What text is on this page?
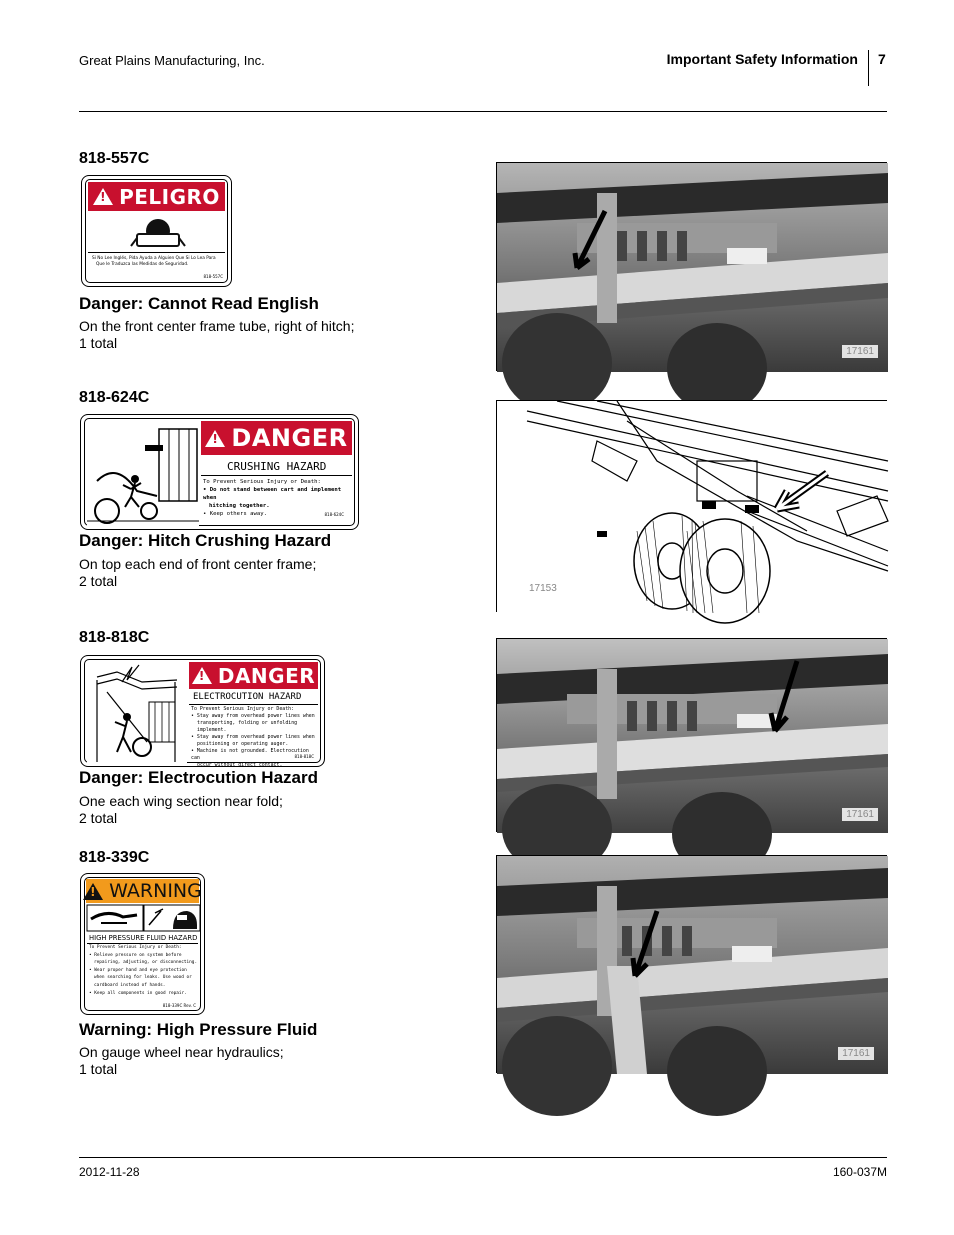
Great Plains Manufacturing, Inc.	Important Safety Information 7
818-557C
!
PELIGRO
Si No Lee Inglés, Pida Ayuda a Alguien Que Si Lo Lea Para
Que le Traduzca las Medidas de Seguridad.
818-557C
Danger: Cannot Read English
On the front center frame tube, right of hitch;
1 total
17161
818-624C
!
DANGER
CRUSHING HAZARD
To Prevent Serious Injury or Death:
• Do not stand between cart and implement when
hitching together.
• Keep others away.	818-624C
Danger: Hitch Crushing Hazard
On top each end of front center frame;
2 total	17153
818-818C
!
DANGER
ELECTROCUTION HAZARD
To Prevent Serious Injury or Death:
• Stay away from overhead power lines when
transporting, folding or unfolding implement.
• Stay away from overhead power lines when
positioning or operating auger.
• Machine is not grounded. Electrocution can
occur without direct contact.
818-818C
Danger: Electrocution Hazard
One each wing section near fold;
2 total	17161
818-339C
!
WARNING
HIGH PRESSURE FLUID HAZARD
To Prevent Serious Injury or Death:
• Relieve pressure on system before
repairing, adjusting, or disconnecting.
• Wear proper hand and eye protection
when searching for leaks. Use wood or
cardboard instead of hands.
• Keep all components in good repair.
818-339C Rev. C
Warning: High Pressure Fluid
On gauge wheel near hydraulics;
1 total
17161
2012-11-28	160-037M
